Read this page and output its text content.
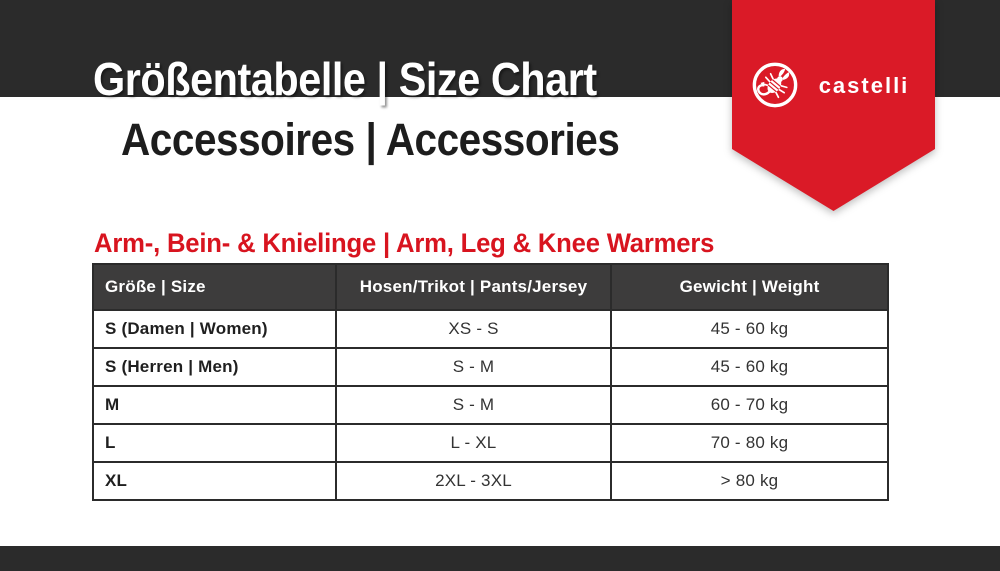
Größentabelle | Size Chart
Accessoires | Accessories
castelli
Arm-, Bein- & Knielinge | Arm, Leg & Knee Warmers
Größe | Size	Hosen/Trikot | Pants/Jersey	Gewicht | Weight
S (Damen | Women)	XS - S	45 - 60 kg
S (Herren | Men)	S - M	45 - 60 kg
M	S - M	60 - 70 kg
L	L - XL	70 - 80 kg
XL	2XL - 3XL	> 80 kg
